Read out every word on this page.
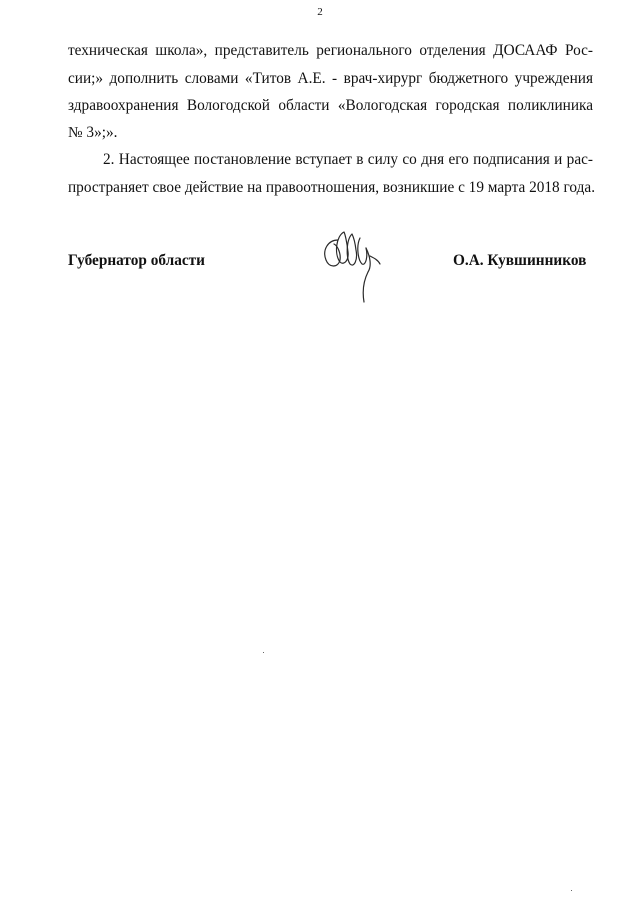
2
техническая школа», представитель регионального отделения ДОСААФ Рос-
сии;» дополнить словами «Титов А.Е. - врач-хирург бюджетного учреждения
здравоохранения Вологодской области «Вологодская городская поликлиника
№ 3»;».
2. Настоящее постановление вступает в силу со дня его подписания и рас-
пространяет свое действие на правоотношения, возникшие с 19 марта 2018 года.
Губернатор области	О.А. Кувшинников
